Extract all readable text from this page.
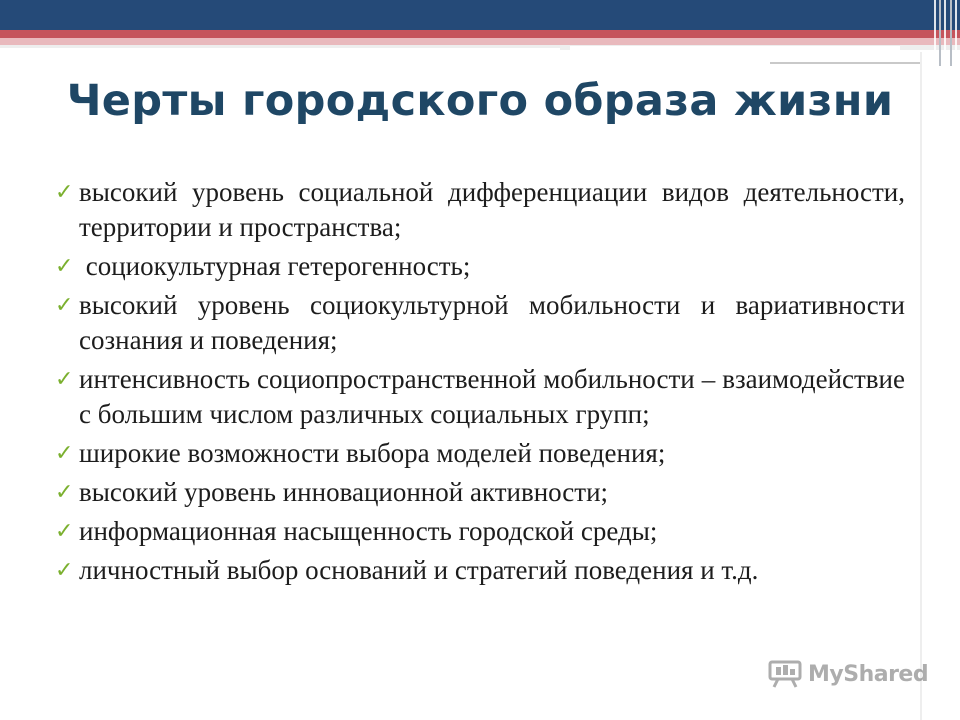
Черты городского образа жизни
✓ высокий уровень социальной дифференциации видов деятельности, территории и пространства;
✓ социокультурная гетерогенность;
✓ высокий уровень социокультурной мобильности и вариативности сознания и поведения;
✓ интенсивность социопространственной мобильности – взаимодействие с большим числом различных социальных групп;
✓ широкие возможности выбора моделей поведения;
✓ высокий уровень инновационной активности;
✓ информационная насыщенность городской среды;
✓ личностный выбор оснований и стратегий поведения и т.д.
MyShared
